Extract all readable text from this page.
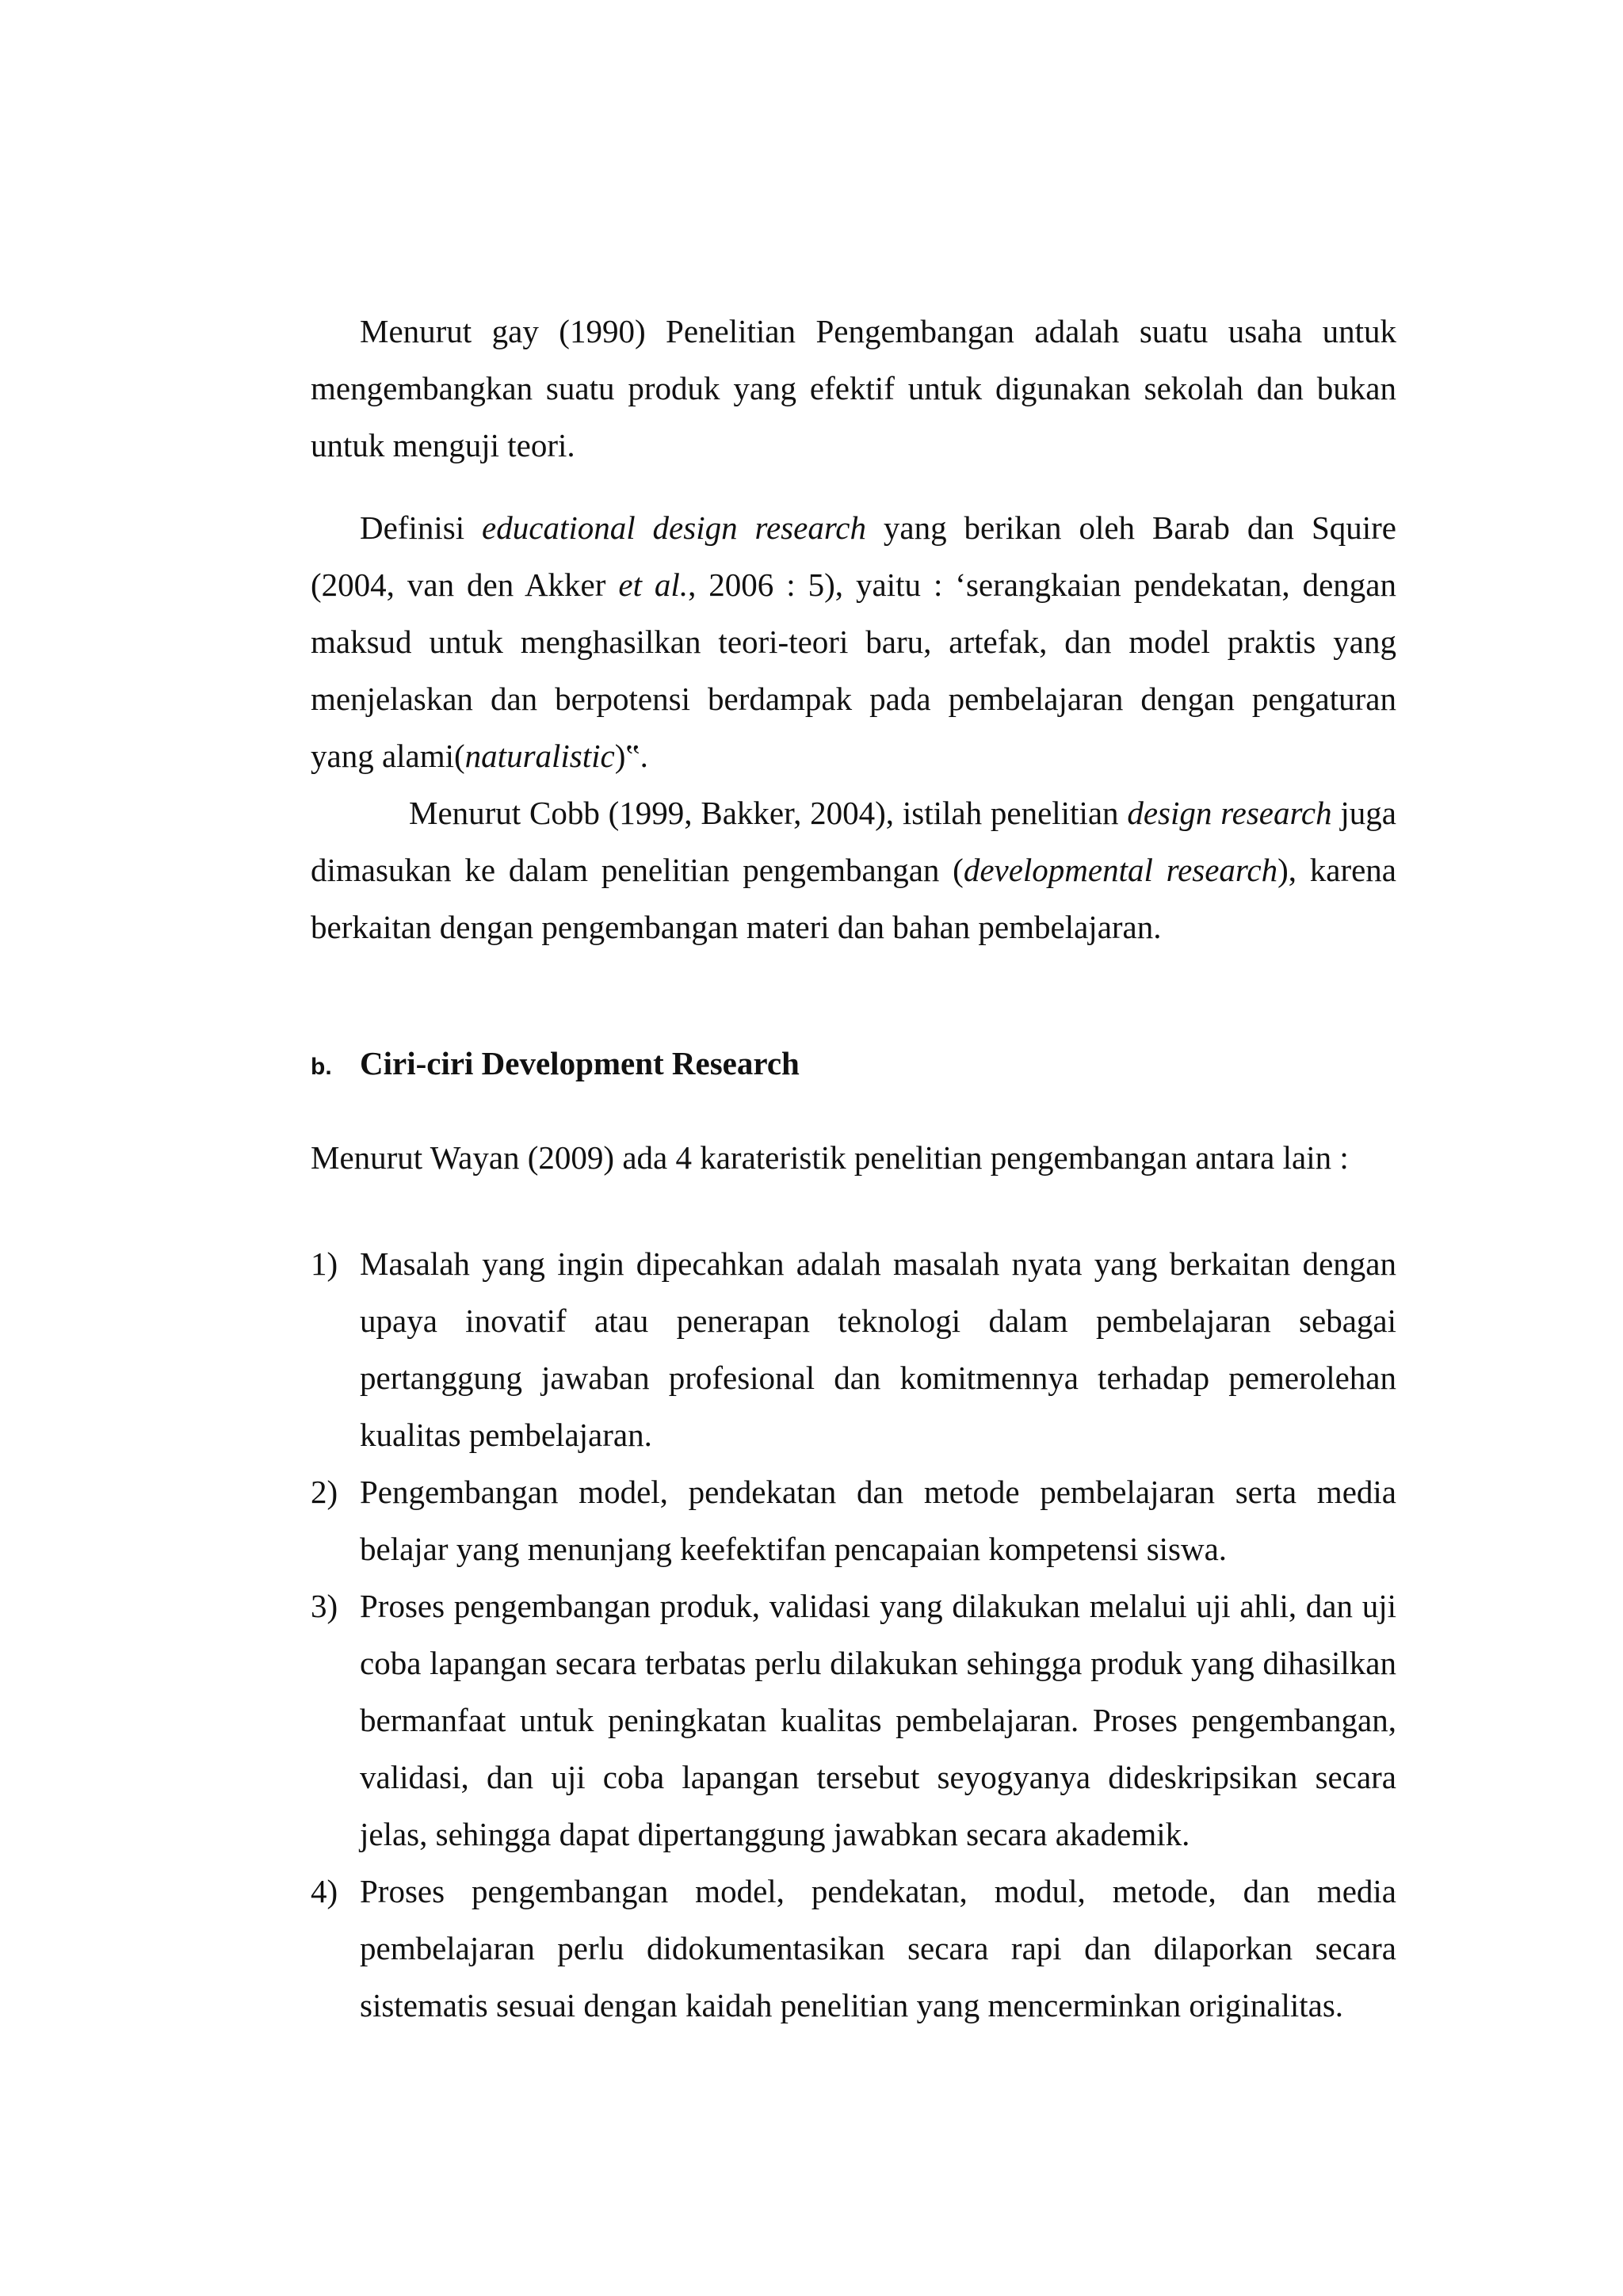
Menurut gay (1990) Penelitian Pengembangan adalah suatu usaha untuk mengembangkan suatu produk yang efektif untuk digunakan sekolah dan bukan untuk menguji teori.

Definisi educational design research yang berikan oleh Barab dan Squire (2004, van den Akker et al., 2006 : 5), yaitu : ‘serangkaian pendekatan, dengan maksud untuk menghasilkan teori-teori baru, artefak, dan model praktis yang menjelaskan dan berpotensi berdampak pada pembelajaran dengan pengaturan yang alami(naturalistic)‟.

Menurut Cobb (1999, Bakker, 2004), istilah penelitian design research juga dimasukan ke dalam penelitian pengembangan (developmental research), karena berkaitan dengan pengembangan materi dan bahan pembelajaran.

b. Ciri-ciri Development Research

Menurut Wayan (2009) ada 4 karateristik penelitian pengembangan antara lain :

1) Masalah yang ingin dipecahkan adalah masalah nyata yang berkaitan dengan upaya inovatif atau penerapan teknologi dalam pembelajaran sebagai pertanggung jawaban profesional dan komitmennya terhadap pemerolehan kualitas pembelajaran.
2) Pengembangan model, pendekatan dan metode pembelajaran serta media belajar yang menunjang keefektifan pencapaian kompetensi siswa.
3) Proses pengembangan produk, validasi yang dilakukan melalui uji ahli, dan uji coba lapangan secara terbatas perlu dilakukan sehingga produk yang dihasilkan bermanfaat untuk peningkatan kualitas pembelajaran. Proses pengembangan, validasi, dan uji coba lapangan tersebut seyogyanya dideskripsikan secara jelas, sehingga dapat dipertanggung jawabkan secara akademik.
4) Proses pengembangan model, pendekatan, modul, metode, dan media pembelajaran perlu didokumentasikan secara rapi dan dilaporkan secara sistematis sesuai dengan kaidah penelitian yang mencerminkan originalitas.
